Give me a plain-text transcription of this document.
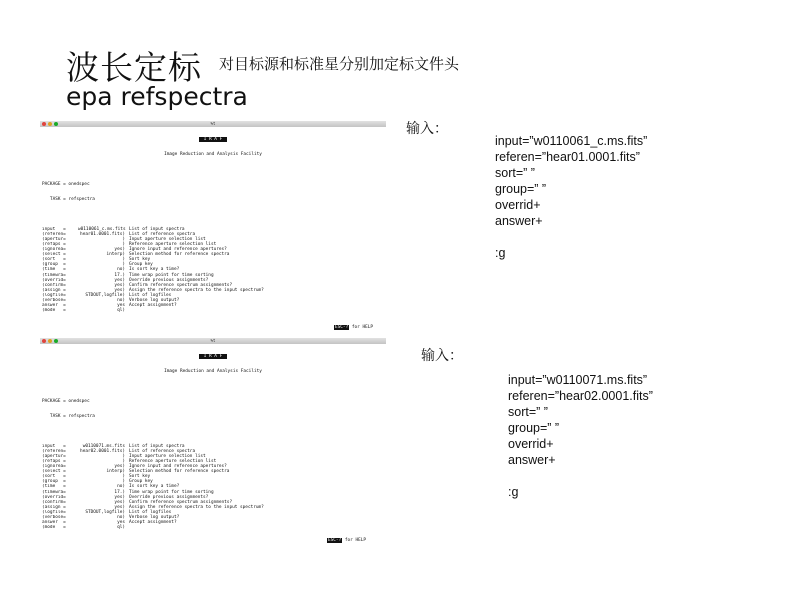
波长定标 对目标源和标准星分别加定标文件头
epa refspectra
%t

I R A F

Image Reduction and Analysis Facility

PACKAGE = onedspec

TASK = refspectra

input   =	w0110061_c.ms.fits List of input spectra
(referen=	hear01.0001.fits) List of reference spectra
(apertur=	) Input aperture selection list
(refaps =	) Reference aperture selection list
(ignorea=	yes) Ignore input and reference apertures?
(select =	interp) Selection method for reference spectra
(sort   =	) Sort key
(group  =	) Group key
(time   =	no) Is sort key a time?
(timewra=	17.) Time wrap point for time sorting
(overrid=	yes) Override previous assignments?
(confirm=	yes) Confirm reference spectrum assignments?
(assign =	yes) Assign the reference spectra to the input spectrum?
(logfile=	STDOUT,logfile) List of logfiles
(verbose=	no) Verbose log output?
answer  =	yes Accept assignment?
(mode   =	ql)

ESC-? for HELP
%t

I R A F

Image Reduction and Analysis Facility

PACKAGE = onedspec

TASK = refspectra

input   =	w0110071.ms.fits List of input spectra
(referen=	hear02.0001.fits) List of reference spectra
(apertur=	) Input aperture selection list
(refaps =	) Reference aperture selection list
(ignorea=	yes) Ignore input and reference apertures?
(select =	interp) Selection method for reference spectra
(sort   =	) Sort key
(group  =	) Group key
(time   =	no) Is sort key a time?
(timewra=	17.) Time wrap point for time sorting
(overrid=	yes) Override previous assignments?
(confirm=	yes) Confirm reference spectrum assignments?
(assign =	yes) Assign the reference spectra to the input spectrum?
(logfile=	STDOUT,logfile) List of logfiles
(verbose=	no) Verbose log output?
answer  =	yes Accept assignment?
(mode   =	ql)

ESC-? for HELP
输入：
input=”w0110061_c.ms.fits”
referen=”hear01.0001.fits”
sort=” ”
group=” ”
overrid+
answer+
:g
输入：
input=”w0110071.ms.fits”
referen=”hear02.0001.fits”
sort=” ”
group=” ”
overrid+
answer+
:g
